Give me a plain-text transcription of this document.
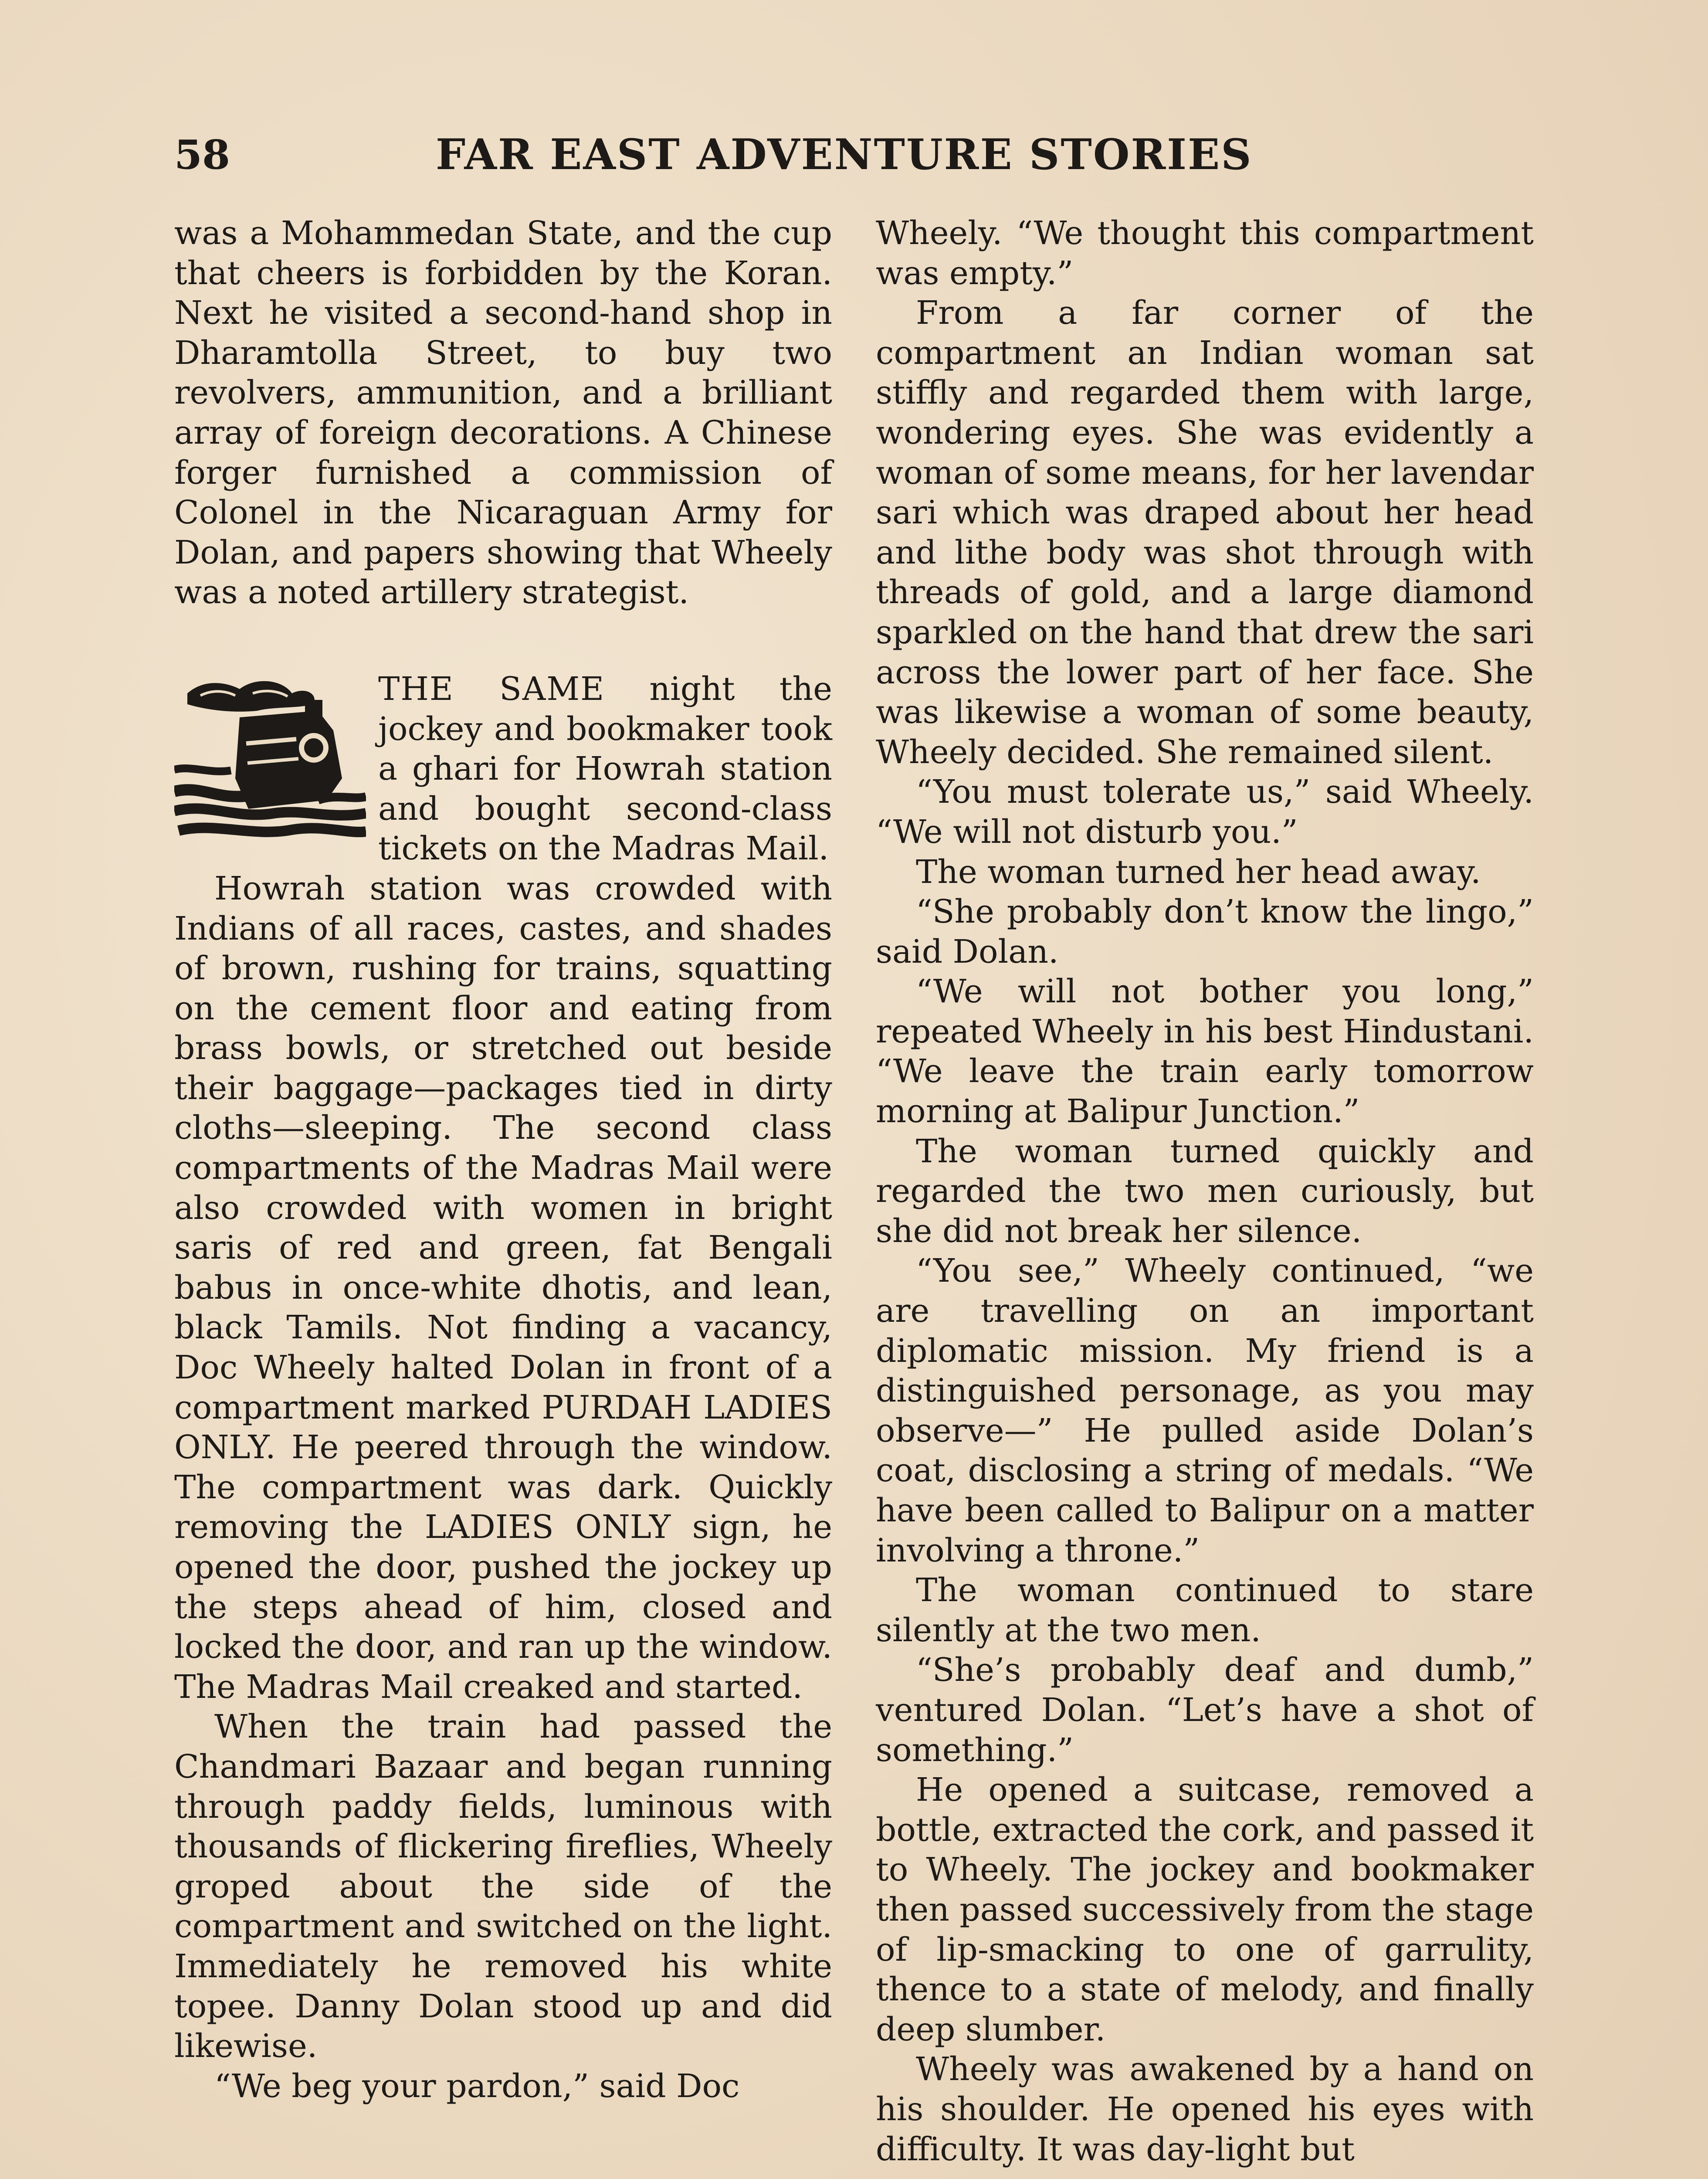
58	FAR EAST ADVENTURE STORIES

was a Mohammedan State, and the cup that cheers is forbidden by the Koran. Next he visited a second-hand shop in Dharamtolla Street, to buy two revolvers, ammunition, and a brilliant array of foreign decorations. A Chinese forger furnished a commission of Colonel in the Nicaraguan Army for Dolan, and papers showing that Wheely was a noted artillery strategist.

THE SAME night the jockey and bookmaker took a ghari for Howrah station and bought second-class tickets on the Madras Mail.

Howrah station was crowded with Indians of all races, castes, and shades of brown, rushing for trains, squatting on the cement floor and eating from brass bowls, or stretched out beside their baggage—packages tied in dirty cloths—sleeping. The second class compartments of the Madras Mail were also crowded with women in bright saris of red and green, fat Bengali babus in once-white dhotis, and lean, black Tamils. Not finding a vacancy, Doc Wheely halted Dolan in front of a compartment marked PURDAH LADIES ONLY. He peered through the window. The compartment was dark. Quickly removing the LADIES ONLY sign, he opened the door, pushed the jockey up the steps ahead of him, closed and locked the door, and ran up the window. The Madras Mail creaked and started.

When the train had passed the Chandmari Bazaar and began running through paddy fields, luminous with thousands of flickering fireflies, Wheely groped about the side of the compartment and switched on the light. Immediately he removed his white topee. Danny Dolan stood up and did likewise.

“We beg your pardon,” said Doc

Wheely. “We thought this compartment was empty.”

From a far corner of the compartment an Indian woman sat stiffly and regarded them with large, wondering eyes. She was evidently a woman of some means, for her lavendar sari which was draped about her head and lithe body was shot through with threads of gold, and a large diamond sparkled on the hand that drew the sari across the lower part of her face. She was likewise a woman of some beauty, Wheely decided. She remained silent.

“You must tolerate us,” said Wheely. “We will not disturb you.”

The woman turned her head away.

“She probably don’t know the lingo,” said Dolan.

“We will not bother you long,” repeated Wheely in his best Hindustani. “We leave the train early tomorrow morning at Balipur Junction.”

The woman turned quickly and regarded the two men curiously, but she did not break her silence.

“You see,” Wheely continued, “we are travelling on an important diplomatic mission. My friend is a distinguished personage, as you may observe—” He pulled aside Dolan’s coat, disclosing a string of medals. “We have been called to Balipur on a matter involving a throne.”

The woman continued to stare silently at the two men.

“She’s probably deaf and dumb,” ventured Dolan. “Let’s have a shot of something.”

He opened a suitcase, removed a bottle, extracted the cork, and passed it to Wheely. The jockey and bookmaker then passed successively from the stage of lip-smacking to one of garrulity, thence to a state of melody, and finally deep slumber.

Wheely was awakened by a hand on his shoulder. He opened his eyes with difficulty. It was day-light but
